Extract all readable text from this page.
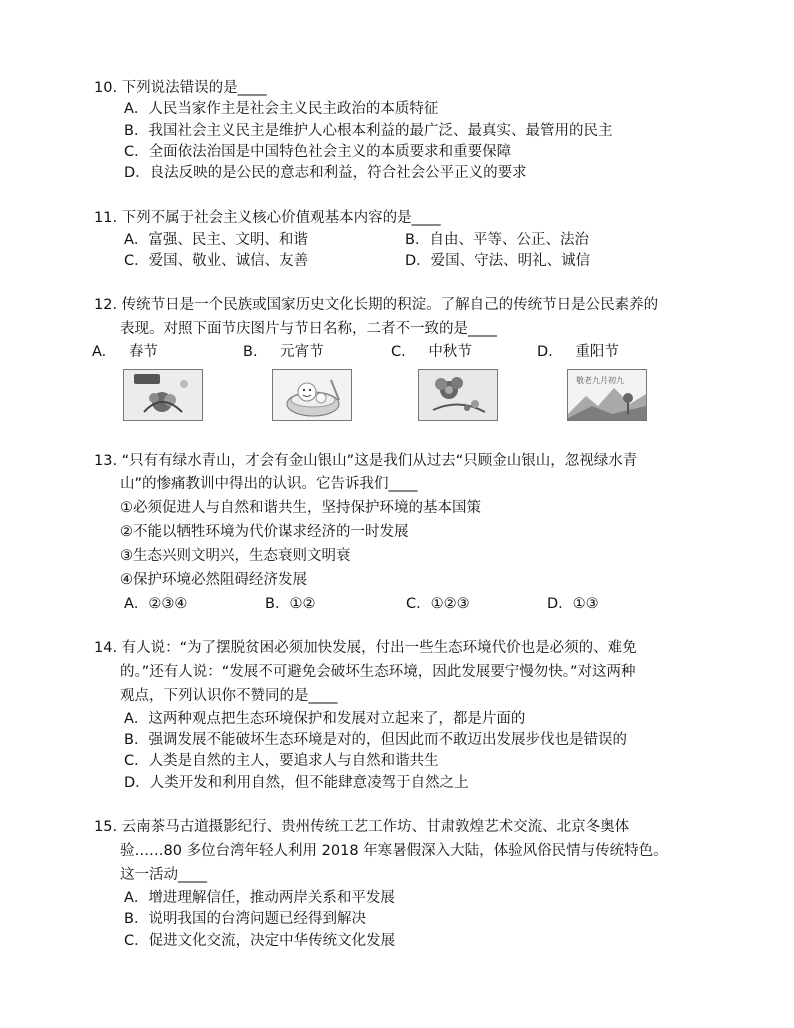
10. 下列说法错误的是____
A．人民当家作主是社会主义民主政治的本质特征
B．我国社会主义民主是维护人心根本利益的最广泛、最真实、最管用的民主
C．全面依法治国是中国特色社会主义的本质要求和重要保障
D．良法反映的是公民的意志和利益，符合社会公平正义的要求
11. 下列不属于社会主义核心价值观基本内容的是____
A．富强、民主、文明、和谐	B．自由、平等、公正、法治
C．爱国、敬业、诚信、友善	D．爱国、守法、明礼、诚信
12. 传统节日是一个民族或国家历史文化长期的积淀。了解自己的传统节日是公民素养的
表现。对照下面节庆图片与节日名称，二者不一致的是____
A. 春节	B. 元宵节	C. 中秋节	D. 重阳节
敬老九月初九
13. “只有有绿水青山，才会有金山银山”这是我们从过去“只顾金山银山，忽视绿水青
山”的惨痛教训中得出的认识。它告诉我们____
①必须促进人与自然和谐共生，坚持保护环境的基本国策
②不能以牺牲环境为代价谋求经济的一时发展
③生态兴则文明兴，生态衰则文明衰
④保护环境必然阻碍经济发展
A．②③④	B．①②	C．①②③	D．①③
14. 有人说：“为了摆脱贫困必须加快发展，付出一些生态环境代价也是必须的、难免
的。”还有人说：“发展不可避免会破坏生态环境，因此发展要宁慢勿快。”对这两种
观点，下列认识你不赞同的是____
A．这两种观点把生态环境保护和发展对立起来了，都是片面的
B．强调发展不能破坏生态环境是对的，但因此而不敢迈出发展步伐也是错误的
C．人类是自然的主人，要追求人与自然和谐共生
D．人类开发和利用自然，但不能肆意凌驾于自然之上
15. 云南茶马古道摄影纪行、贵州传统工艺工作坊、甘肃敦煌艺术交流、北京冬奥体
验……80 多位台湾年轻人利用 2018 年寒暑假深入大陆，体验风俗民情与传统特色。
这一活动____
A．增进理解信任，推动两岸关系和平发展
B．说明我国的台湾问题已经得到解决
C．促进文化交流，决定中华传统文化发展
